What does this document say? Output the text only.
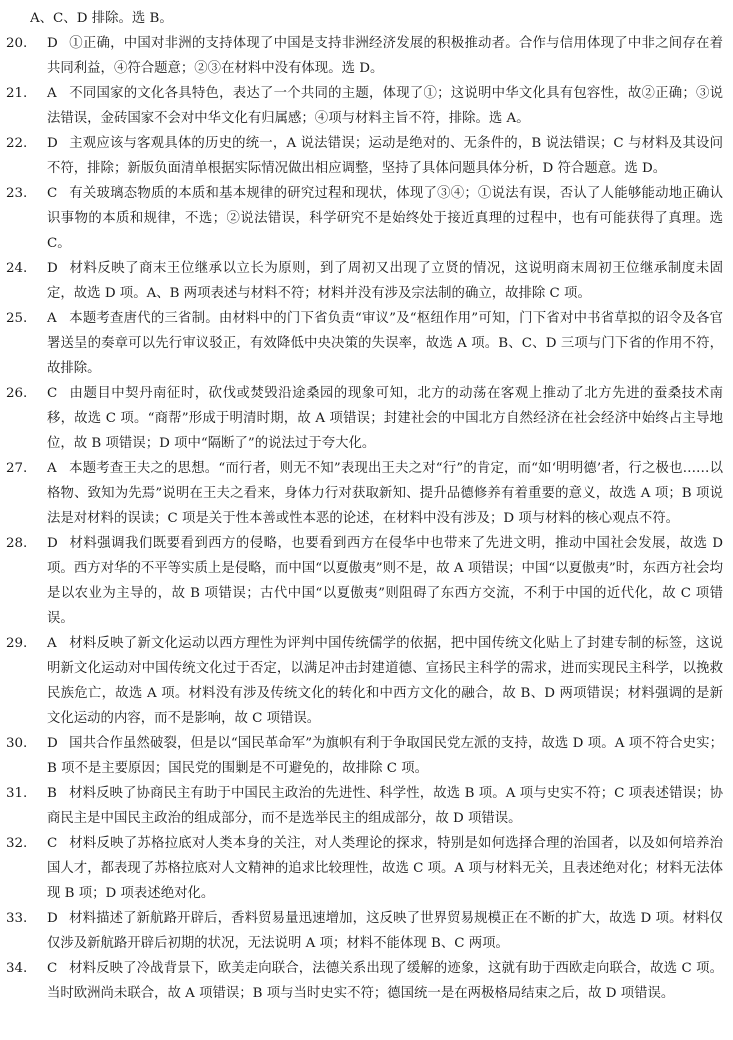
A、C、D 排除。选 B。

20.	D ①正确，中国对非洲的支持体现了中国是支持非洲经济发展的积极推动者。合作与信用体现了中非之间存在着共同利益，④符合题意；②③在材料中没有体现。选 D。

21.	A 不同国家的文化各具特色，表达了一个共同的主题，体现了①；这说明中华文化具有包容性，故②正确；③说法错误，金砖国家不会对中华文化有归属感；④项与材料主旨不符，排除。选 A。

22.	D 主观应该与客观具体的历史的统一，A 说法错误；运动是绝对的、无条件的，B 说法错误；C 与材料及其设问不符，排除；新版负面清单根据实际情况做出相应调整，坚持了具体问题具体分析，D 符合题意。选 D。

23.	C 有关玻璃态物质的本质和基本规律的研究过程和现状，体现了③④；①说法有误，否认了人能够能动地正确认识事物的本质和规律，不选；②说法错误，科学研究不是始终处于接近真理的过程中，也有可能获得了真理。选 C。

24.	D 材料反映了商末王位继承以立长为原则，到了周初又出现了立贤的情况，这说明商末周初王位继承制度未固定，故选 D 项。A、B 两项表述与材料不符；材料并没有涉及宗法制的确立，故排除 C 项。

25.	A 本题考查唐代的三省制。由材料中的门下省负责“审议”及“枢纽作用”可知，门下省对中书省草拟的诏令及各官署送呈的奏章可以先行审议驳正，有效降低中央决策的失误率，故选 A 项。B、C、D 三项与门下省的作用不符，故排除。

26.	C 由题目中契丹南征时，砍伐或焚毁沿途桑园的现象可知，北方的动荡在客观上推动了北方先进的蚕桑技术南移，故选 C 项。“商帮”形成于明清时期，故 A 项错误；封建社会的中国北方自然经济在社会经济中始终占主导地位，故 B 项错误；D 项中“隔断了”的说法过于夸大化。

27.	A 本题考查王夫之的思想。“而行者，则无不知”表现出王夫之对“行”的肯定，而“如‘明明德’者，行之极也……以格物、致知为先焉”说明在王夫之看来，身体力行对获取新知、提升品德修养有着重要的意义，故选 A 项；B 项说法是对材料的误读；C 项是关于性本善或性本恶的论述，在材料中没有涉及；D 项与材料的核心观点不符。

28.	D 材料强调我们既要看到西方的侵略，也要看到西方在侵华中也带来了先进文明，推动中国社会发展，故选 D 项。西方对华的不平等实质上是侵略，而中国“以夏傲夷”则不是，故 A 项错误；中国“以夏傲夷”时，东西方社会均是以农业为主导的，故 B 项错误；古代中国“以夏傲夷”则阻碍了东西方交流，不利于中国的近代化，故 C 项错误。

29.	A 材料反映了新文化运动以西方理性为评判中国传统儒学的依据，把中国传统文化贴上了封建专制的标签，这说明新文化运动对中国传统文化过于否定，以满足冲击封建道德、宣扬民主科学的需求，进而实现民主科学，以挽救民族危亡，故选 A 项。材料没有涉及传统文化的转化和中西方文化的融合，故 B、D 两项错误；材料强调的是新文化运动的内容，而不是影响，故 C 项错误。

30.	D 国共合作虽然破裂，但是以“国民革命军”为旗帜有利于争取国民党左派的支持，故选 D 项。A 项不符合史实；B 项不是主要原因；国民党的围剿是不可避免的，故排除 C 项。

31.	B 材料反映了协商民主有助于中国民主政治的先进性、科学性，故选 B 项。A 项与史实不符；C 项表述错误；协商民主是中国民主政治的组成部分，而不是选举民主的组成部分，故 D 项错误。

32.	C 材料反映了苏格拉底对人类本身的关注，对人类理论的探求，特别是如何选择合理的治国者，以及如何培养治国人才，都表现了苏格拉底对人文精神的追求比较理性，故选 C 项。A 项与材料无关，且表述绝对化；材料无法体现 B 项；D 项表述绝对化。

33.	D 材料描述了新航路开辟后，香料贸易量迅速增加，这反映了世界贸易规模正在不断的扩大，故选 D 项。材料仅仅涉及新航路开辟后初期的状况，无法说明 A 项；材料不能体现 B、C 两项。

34.	C 材料反映了冷战背景下，欧美走向联合，法德关系出现了缓解的迹象，这就有助于西欧走向联合，故选 C 项。当时欧洲尚未联合，故 A 项错误；B 项与当时史实不符；德国统一是在两极格局结束之后，故 D 项错误。
